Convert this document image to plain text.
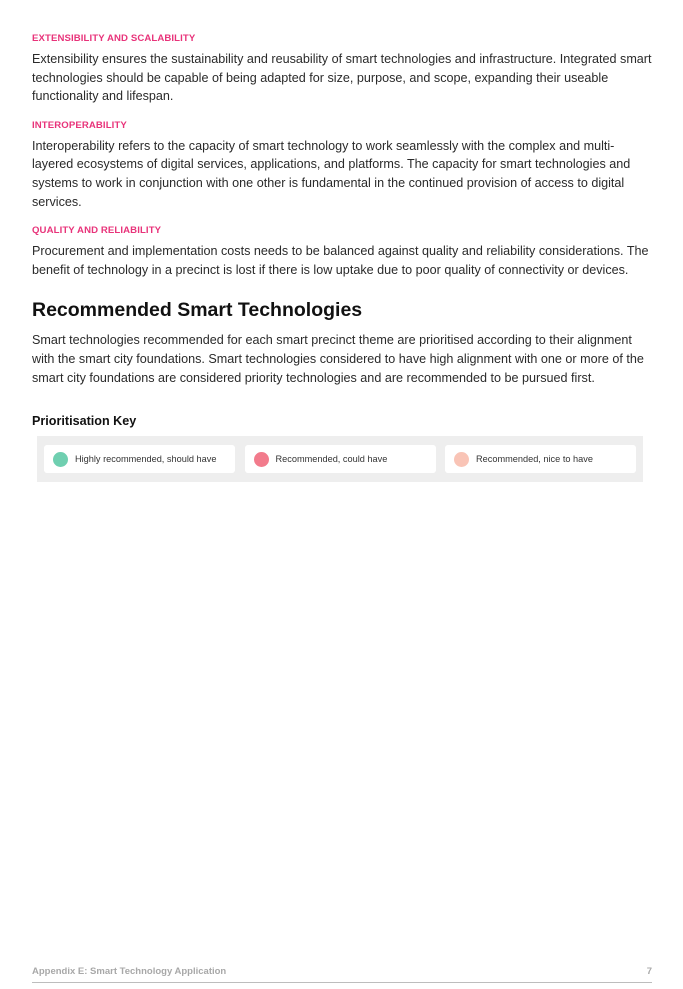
EXTENSIBILITY AND SCALABILITY

Extensibility ensures the sustainability and reusability of smart technologies and infrastructure. Integrated smart technologies should be capable of being adapted for size, purpose, and scope, expanding their useable functionality and lifespan.

INTEROPERABILITY

Interoperability refers to the capacity of smart technology to work seamlessly with the complex and multi-layered ecosystems of digital services, applications, and platforms. The capacity for smart technologies and systems to work in conjunction with one other is fundamental in the continued provision of access to digital services.

QUALITY AND RELIABILITY

Procurement and implementation costs needs to be balanced against quality and reliability considerations. The benefit of technology in a precinct is lost if there is low uptake due to poor quality of connectivity or devices.

Recommended Smart Technologies

Smart technologies recommended for each smart precinct theme are prioritised according to their alignment with the smart city foundations. Smart technologies considered to have high alignment with one or more of the smart city foundations are considered priority technologies and are recommended to be pursued first.

Prioritisation Key
Highly recommended, should have	Recommended, could have	Recommended, nice to have
Appendix E: Smart Technology Application	7
